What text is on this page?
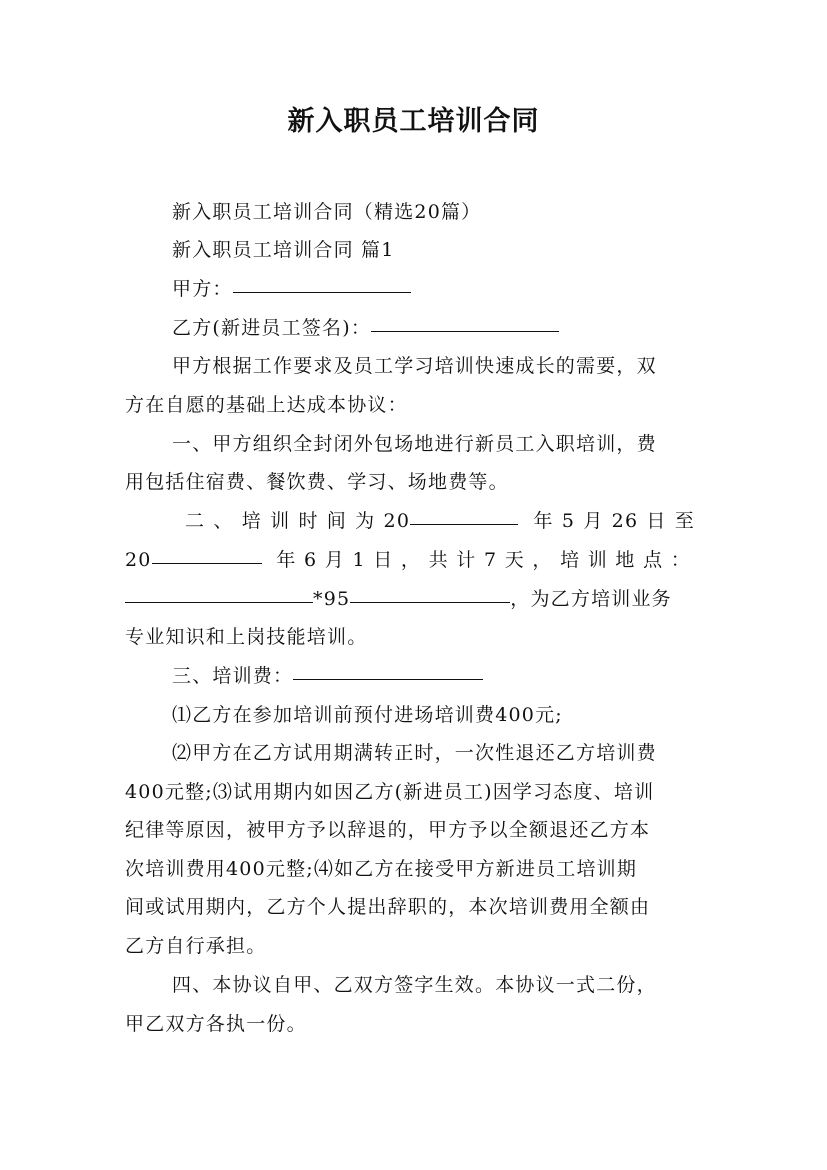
新入职员工培训合同
新入职员工培训合同（精选20篇）
新入职员工培训合同 篇1
甲方：
乙方(新进员工签名)：
甲方根据工作要求及员工学习培训快速成长的需要，双
方在自愿的基础上达成本协议：
一、甲方组织全封闭外包场地进行新员工入职培训，费
用包括住宿费、餐饮费、学习、场地费等。
二、培训时间为20	年5月26日至
20	年6月1日，共计7天，培训地点：
*95	，为乙方培训业务
专业知识和上岗技能培训。
三、培训费：
⑴乙方在参加培训前预付进场培训费400元;
⑵甲方在乙方试用期满转正时，一次性退还乙方培训费
400元整;⑶试用期内如因乙方(新进员工)因学习态度、培训
纪律等原因，被甲方予以辞退的，甲方予以全额退还乙方本
次培训费用400元整;⑷如乙方在接受甲方新进员工培训期
间或试用期内，乙方个人提出辞职的，本次培训费用全额由
乙方自行承担。
四、本协议自甲、乙双方签字生效。本协议一式二份，
甲乙双方各执一份。
